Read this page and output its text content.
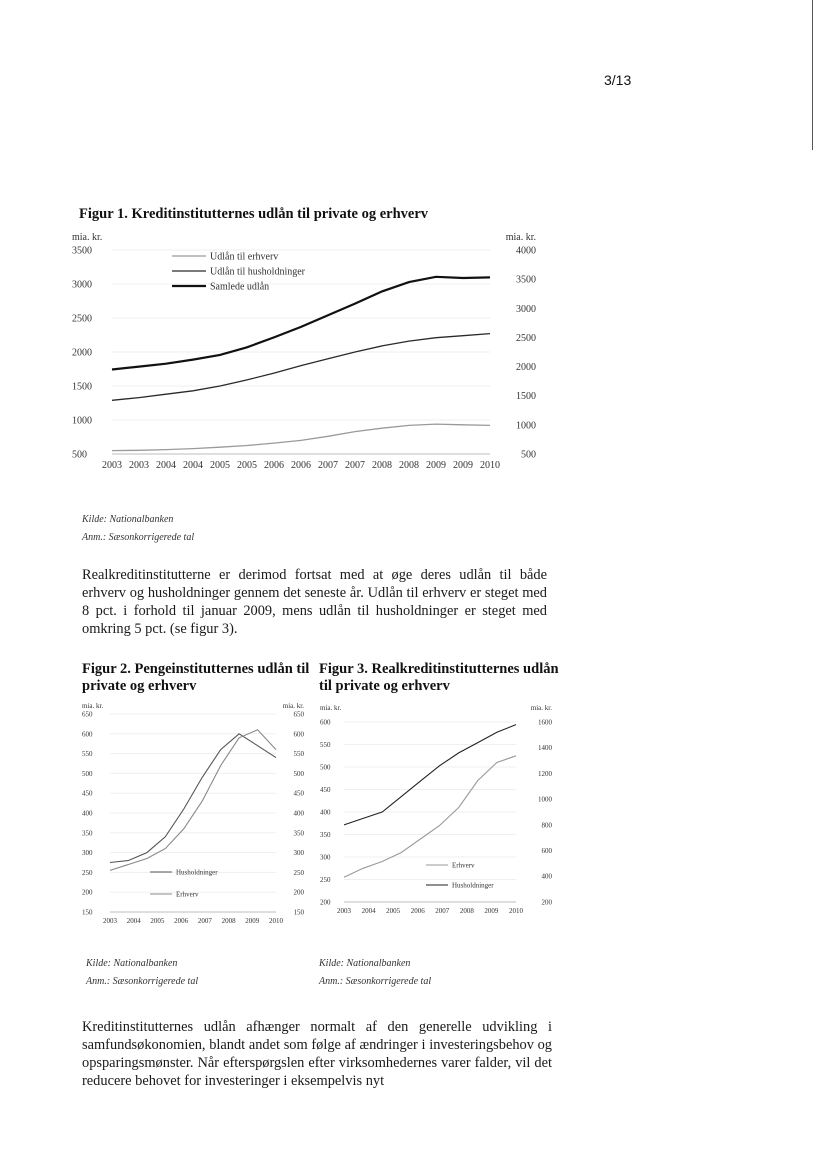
3/13
Figur 1. Kreditinstitutternes udlån til private og erhverv
mia. kr.	mia. kr.
3500
3000
2500
2000
1500
1000
500
4000
3500
3000
2500
2000
1500
1000
500
2003 2003 2004 2004 2005 2005 2006 2006 2007 2007 2008 2008 2009 2009 2010
Udlån til erhverv
Udlån til husholdninger
Samlede udlån
Kilde: Nationalbanken
Anm.: Sæsonkorrigerede tal
Realkreditinstitutterne er derimod fortsat med at øge deres udlån til både erhverv og husholdninger gennem det seneste år. Udlån til erhverv er steget med 8 pct. i forhold til januar 2009, mens udlån til husholdninger er steget med omkring 5 pct. (se figur 3).
Figur 2. Pengeinstitutternes udlån til private og erhverv
Figur 3. Realkreditinstitutternes udlån til private og erhverv
mia. kr.	mia. kr.
650
600
550
500
450
400
350
300
250
200
150
650
600
550
500
450
400
350
300
250
200
150
2003 2004 2005 2006 2007 2008 2009 2010
Husholdninger
Erhverv
mia. kr.	mia. kr.
600
550
500
450
400
350
300
250
200
1600
1400
1200
1000
800
600
400
200
2003 2004 2005 2006 2007 2008 2009 2010
Erhverv
Husholdninger
Kilde: Nationalbanken
Anm.: Sæsonkorrigerede tal
Kilde: Nationalbanken
Anm.: Sæsonkorrigerede tal
Kreditinstitutternes udlån afhænger normalt af den generelle udvikling i samfundsøkonomien, blandt andet som følge af ændringer i investeringsbehov og opsparingsmønster. Når efterspørgslen efter virksomhedernes varer falder, vil det reducere behovet for investeringer i eksempelvis nyt
